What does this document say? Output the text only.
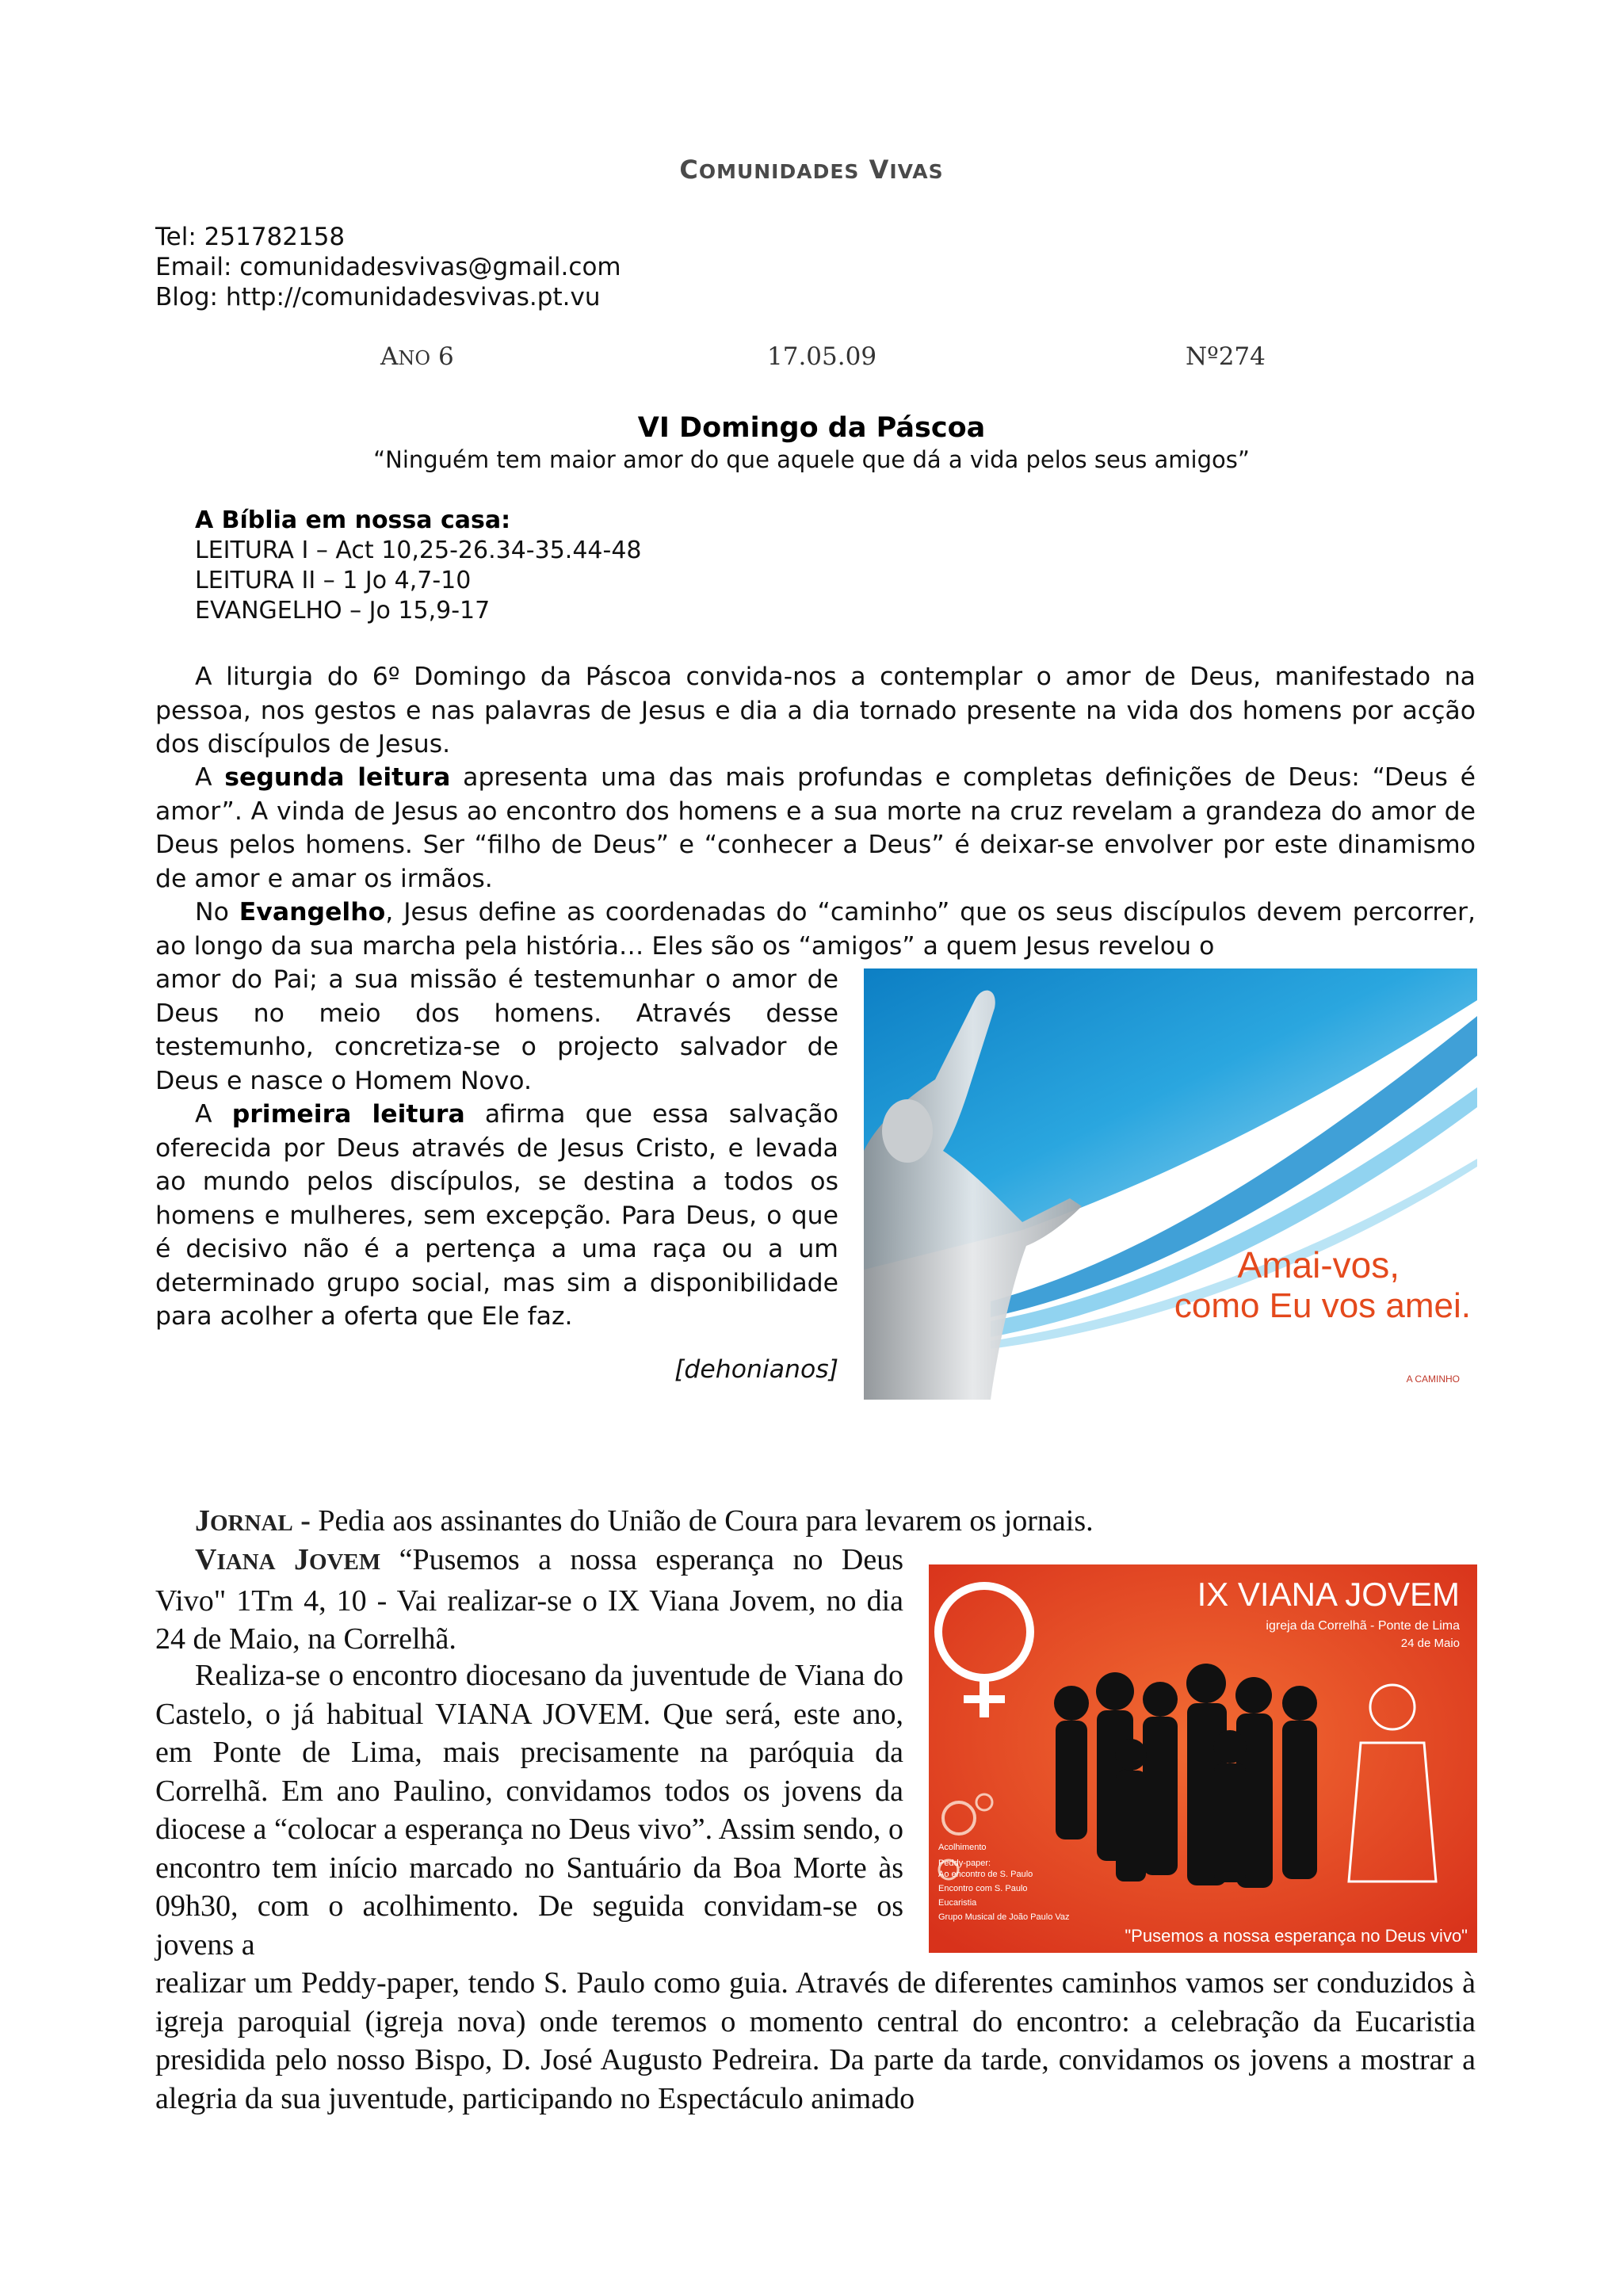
COMUNIDADES VIVAS
Tel: 251782158
Email: comunidadesvivas@gmail.com
Blog: http://comunidadesvivas.pt.vu
ANO 6	17.05.09	Nº274
VI Domingo da Páscoa
“Ninguém tem maior amor do que aquele que dá a vida pelos seus amigos”
A Bíblia em nossa casa:
LEITURA I – Act 10,25-26.34-35.44-48
LEITURA II – 1 Jo 4,7-10
EVANGELHO – Jo 15,9-17

A liturgia do 6º Domingo da Páscoa convida-nos a contemplar o amor de Deus, manifestado na pessoa, nos gestos e nas palavras de Jesus e dia a dia tornado presente na vida dos homens por acção dos discípulos de Jesus.

A segunda leitura apresenta uma das mais profundas e completas definições de Deus: “Deus é amor”. A vinda de Jesus ao encontro dos homens e a sua morte na cruz revelam a grandeza do amor de Deus pelos homens. Ser “filho de Deus” e “conhecer a Deus” é deixar-se envolver por este dinamismo de amor e amar os irmãos.

No Evangelho, Jesus define as coordenadas do “caminho” que os seus discípulos devem percorrer, ao longo da sua marcha pela história… Eles são os “amigos” a quem Jesus revelou o

amor do Pai; a sua missão é testemunhar o amor de Deus no meio dos homens. Através desse testemunho, concretiza-se o projecto salvador de Deus e nasce o Homem Novo.

A primeira leitura afirma que essa salvação oferecida por Deus através de Jesus Cristo, e levada ao mundo pelos discípulos, se destina a todos os homens e mulheres, sem excepção. Para Deus, o que é decisivo não é a pertença a uma raça ou a um determinado grupo social, mas sim a disponibilidade para acolher a oferta que Ele faz.

[dehonianos]
Amai-vos,
como Eu vos amei.
A CAMINHO

JORNAL - Pedia aos assinantes do União de Coura para levarem os jornais.

VIANA JOVEM “Pusemos a nossa esperança no Deus Vivo" 1Tm 4, 10 - Vai realizar-se o IX Viana Jovem, no dia 24 de Maio, na Correlhã.

Realiza-se o encontro diocesano da juventude de Viana do Castelo, o já habitual VIANA JOVEM. Que será, este ano, em Ponte de Lima, mais precisamente na paróquia da Correlhã. Em ano Paulino, convidamos todos os jovens da diocese a “colocar a esperança no Deus vivo”. Assim sendo, o encontro tem início marcado no Santuário da Boa Morte às 09h30, com o acolhimento. De seguida convidam-se os jovens a

realizar um Peddy-paper, tendo S. Paulo como guia. Através de diferentes caminhos vamos ser conduzidos à igreja paroquial (igreja nova) onde teremos o momento central do encontro: a celebração da Eucaristia presidida pelo nosso Bispo, D. José Augusto Pedreira. Da parte da tarde, convidamos os jovens a mostrar a alegria da sua juventude, participando no Espectáculo animado

IX VIANA JOVEM
igreja da Correlhã - Ponte de Lima
24 de Maio
Acolhimento
Peddy-paper:
Ao encontro de S. Paulo
Encontro com S. Paulo
Eucaristia
Grupo Musical de João Paulo Vaz
"Pusemos a nossa esperança no Deus vivo"
